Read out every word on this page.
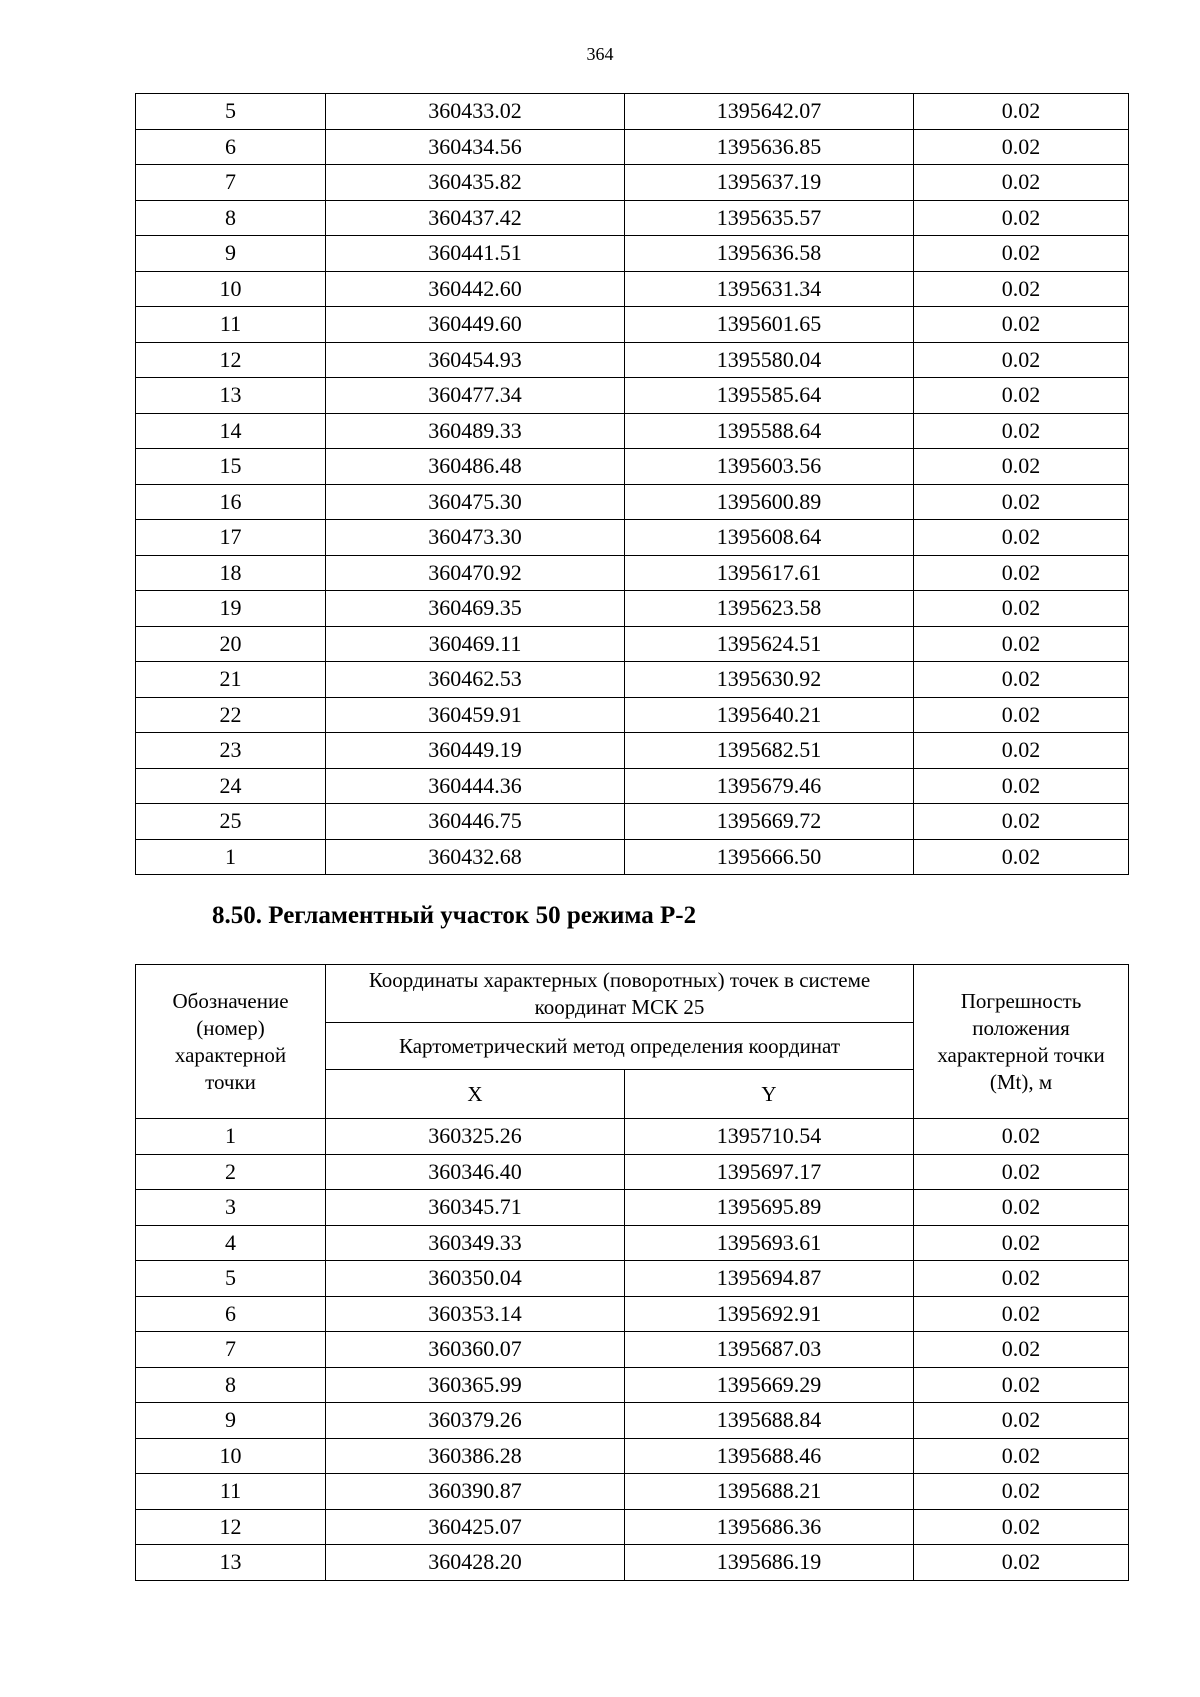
364
5	360433.02	1395642.07	0.02
6	360434.56	1395636.85	0.02
7	360435.82	1395637.19	0.02
8	360437.42	1395635.57	0.02
9	360441.51	1395636.58	0.02
10	360442.60	1395631.34	0.02
11	360449.60	1395601.65	0.02
12	360454.93	1395580.04	0.02
13	360477.34	1395585.64	0.02
14	360489.33	1395588.64	0.02
15	360486.48	1395603.56	0.02
16	360475.30	1395600.89	0.02
17	360473.30	1395608.64	0.02
18	360470.92	1395617.61	0.02
19	360469.35	1395623.58	0.02
20	360469.11	1395624.51	0.02
21	360462.53	1395630.92	0.02
22	360459.91	1395640.21	0.02
23	360449.19	1395682.51	0.02
24	360444.36	1395679.46	0.02
25	360446.75	1395669.72	0.02
1	360432.68	1395666.50	0.02
8.50. Регламентный участок 50 режима Р-2
Обозначение (номер) характерной точки	Координаты характерных (поворотных) точек в системе координат МСК 25		Погрешность положения характерной точки (Mt), м
	Картометрический метод определения координат		
	X	Y	
1	360325.26	1395710.54	0.02
2	360346.40	1395697.17	0.02
3	360345.71	1395695.89	0.02
4	360349.33	1395693.61	0.02
5	360350.04	1395694.87	0.02
6	360353.14	1395692.91	0.02
7	360360.07	1395687.03	0.02
8	360365.99	1395669.29	0.02
9	360379.26	1395688.84	0.02
10	360386.28	1395688.46	0.02
11	360390.87	1395688.21	0.02
12	360425.07	1395686.36	0.02
13	360428.20	1395686.19	0.02
